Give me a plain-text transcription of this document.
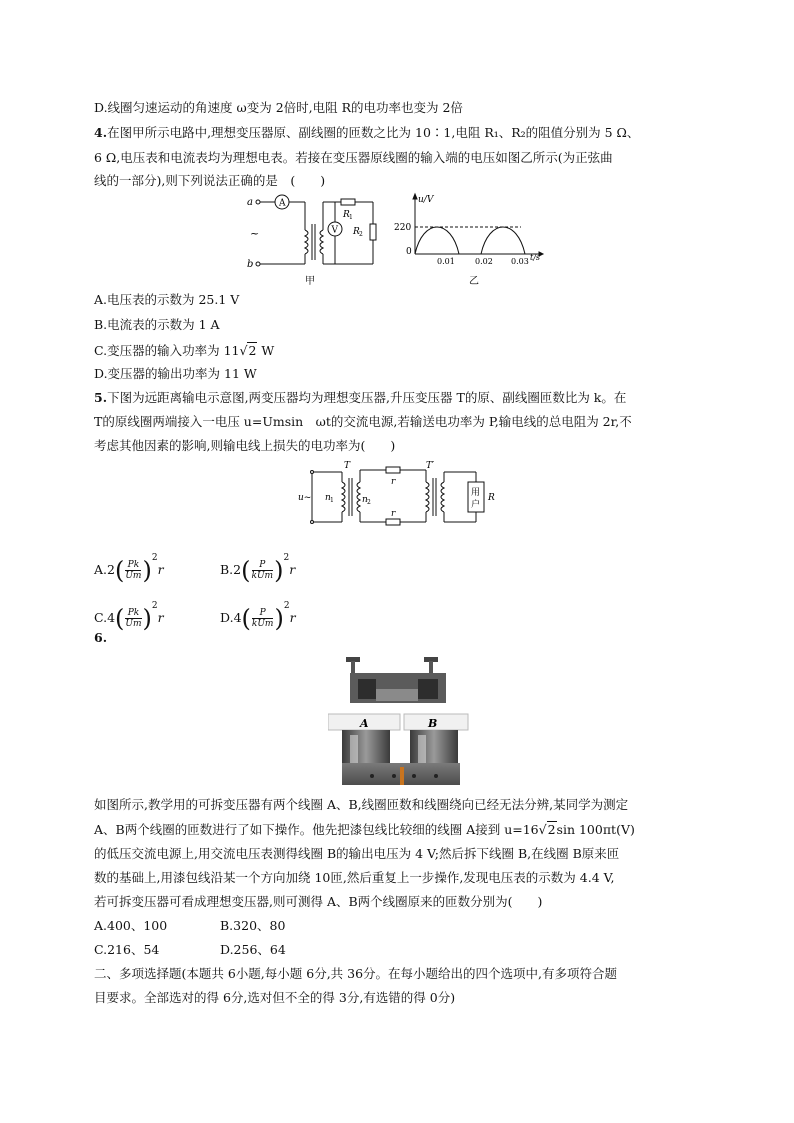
D.线圈匀速运动的角速度 ω变为 2倍时,电阻 R的电功率也变为 2倍
4.在图甲所示电路中,理想变压器原、副线圈的匝数之比为 10∶1,电阻 R₁、R₂的阻值分别为 5 Ω、
6 Ω,电压表和电流表均为理想电表。若接在变压器原线圈的输入端的电压如图乙所示(为正弦曲
线的一部分),则下列说法正确的是　(　　)
a	A
~
b
V
R 1
R 2
甲
u/V
220
0
0.01	0.02 0.03 t/s
乙
A.电压表的示数为 25.1 V
B.电流表的示数为 1 A
C.变压器的输入功率为 11√2 W
D.变压器的输出功率为 11 W
5.下图为远距离输电示意图,两变压器均为理想变压器,升压变压器 T的原、副线圈匝数比为 k。在
T的原线圈两端接入一电压 u=Umsin　ωt的交流电源,若输送电功率为 P,输电线的总电阻为 2r,不
考虑其他因素的影响,则输电线上损失的电功率为(　　)
T	T′
u~ n 1	n 2
r
r
用
户
R
$A.2( \frac{Pk}{Um} )^2r$	$B.2( \frac{P}{\text{kUm}} )^2r$
$C.4( \frac{Pk}{Um} )^2r$	$D.4( \frac{P}{\text{kUm}} )^2r$
6.
A	B
如图所示,教学用的可拆变压器有两个线圈 A、B,线圈匝数和线圈绕向已经无法分辨,某同学为测定
A、B两个线圈的匝数进行了如下操作。他先把漆包线比较细的线圈 A接到 u=16√2sin 100πt(V)
的低压交流电源上,用交流电压表测得线圈 B的输出电压为 4 V;然后拆下线圈 B,在线圈 B原来匝
数的基础上,用漆包线沿某一个方向加绕 10匝,然后重复上一步操作,发现电压表的示数为 4.4 V,
若可拆变压器可看成理想变压器,则可测得 A、B两个线圈原来的匝数分别为(　　)
A.400、100	B.320、80
C.216、54	D.256、64
二、多项选择题(本题共 6小题,每小题 6分,共 36分。在每小题给出的四个选项中,有多项符合题
目要求。全部选对的得 6分,选对但不全的得 3分,有选错的得 0分)
